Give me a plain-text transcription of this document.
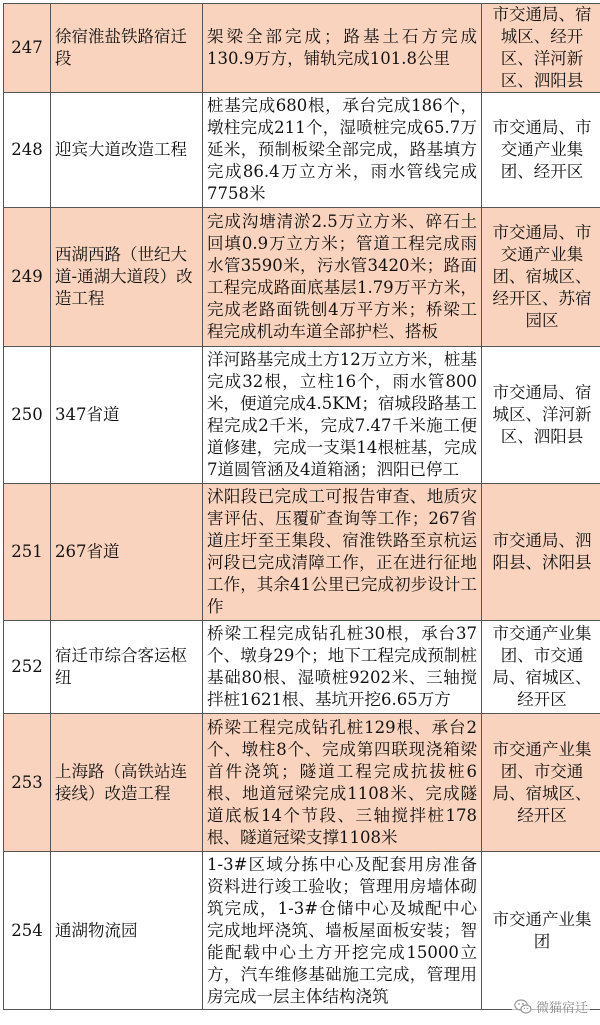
247	徐宿淮盐铁路宿迁段	架梁全部完成；路基土石方完成130.9万方，铺轨完成101.8公里	市交通局、宿城区、经开区、洋河新区、泗阳县
248	迎宾大道改造工程	桩基完成680根，承台完成186个，墩柱完成211个，湿喷桩完成65.7万延米，预制板梁全部完成，路基填方完成86.4万立方米，雨水管线完成7758米	市交通局、市交通产业集团、经开区
249	西湖西路（世纪大道-通湖大道段）改造工程	完成沟塘清淤2.5万立方米、碎石土回填0.9万立方米；管道工程完成雨水管3590米，污水管3420米；路面工程完成路面底基层1.79万平方米，完成老路面铣刨4万平方米；桥梁工程完成机动车道全部护栏、搭板	市交通局、市交通产业集团、宿城区、经开区、苏宿园区
250	347省道	洋河路基完成土方12万立方米，桩基完成32根，立柱16个，雨水管800米，便道完成4.5KM；宿城段路基工程完成2千米，完成7.47千米施工便道修建，完成一支渠14根桩基，完成7道圆管涵及4道箱涵；泗阳已停工	市交通局、宿城区、洋河新区、泗阳县
251	267省道	沭阳段已完成工可报告审查、地质灾害评估、压覆矿查询等工作；267省道庄圩至王集段、宿淮铁路至京杭运河段已完成清障工作，正在进行征地工作，其余41公里已完成初步设计工作	市交通局、泗阳县、沭阳县
252	宿迁市综合客运枢纽	桥梁工程完成钻孔桩30根，承台37个、墩身29个；地下工程完成预制桩基础80根、湿喷桩9202米、三轴搅拌桩1621根、基坑开挖6.65万方	市交通产业集团、市交通局、宿城区、经开区
253	上海路（高铁站连接线）改造工程	桥梁工程完成钻孔桩129根、承台2个、墩柱8个、完成第四联现浇箱梁首件浇筑；隧道工程完成抗拔桩6根、地道冠梁完成1108米、完成隧道底板14个节段、三轴搅拌桩178根、隧道冠梁支撑1108米	市交通产业集团、市交通局、宿城区、经开区
254	通湖物流园	1-3#区域分拣中心及配套用房准备资料进行竣工验收；管理用房墙体砌筑完成，1-3#仓储中心及城配中心完成地坪浇筑、墙板屋面板安装；智能配载中心土方开挖完成15000立方，汽车维修基础施工完成，管理用房完成一层主体结构浇筑	市交通产业集团
微猫宿迁
